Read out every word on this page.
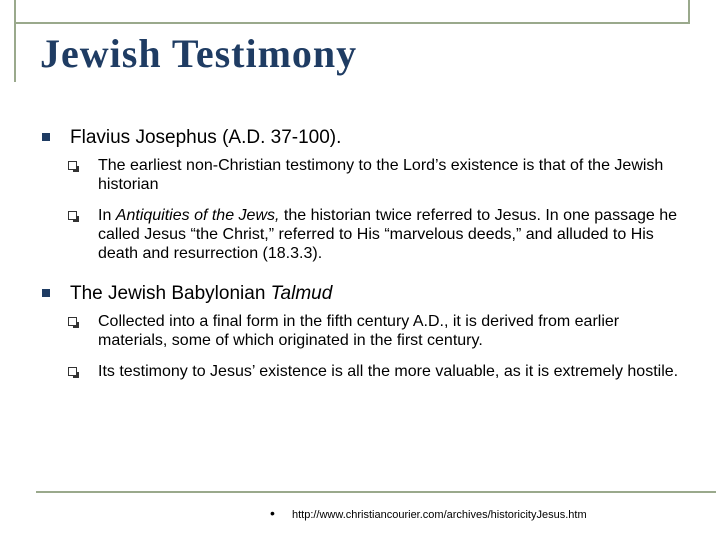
Jewish Testimony
Flavius Josephus (A.D. 37-100).
The earliest non-Christian testimony to the Lord’s existence is that of the Jewish historian
In Antiquities of the Jews, the historian twice referred to Jesus. In one passage he called Jesus “the Christ,” referred to His “marvelous deeds,” and alluded to His death and resurrection (18.3.3).
The Jewish Babylonian Talmud
Collected into a final form in the fifth century A.D., it is derived from earlier materials, some of which originated in the first century.
Its testimony to Jesus’ existence is all the more valuable, as it is extremely hostile.
• http://www.christiancourier.com/archives/historicityJesus.htm
